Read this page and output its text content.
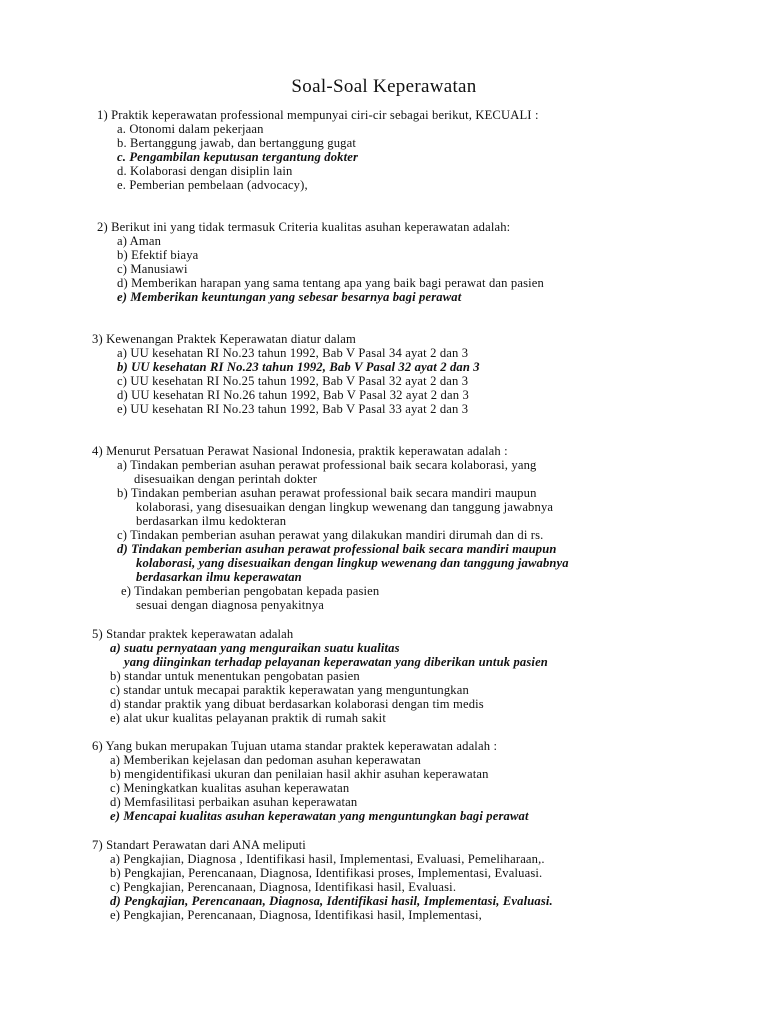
Soal-Soal Keperawatan
1) Praktik keperawatan professional mempunyai ciri-cir sebagai berikut, KECUALI :
a. Otonomi dalam pekerjaan
b. Bertanggung jawab, dan bertanggung gugat
c. Pengambilan keputusan tergantung dokter
d. Kolaborasi dengan disiplin lain
e. Pemberian pembelaan (advocacy),
2) Berikut ini yang tidak termasuk Criteria kualitas asuhan keperawatan adalah:
a) Aman
b) Efektif biaya
c) Manusiawi
d) Memberikan harapan yang sama tentang apa yang baik bagi perawat dan pasien
e) Memberikan keuntungan yang sebesar besarnya bagi perawat
3) Kewenangan Praktek Keperawatan diatur dalam
a) UU kesehatan RI No.23 tahun 1992, Bab V Pasal 34 ayat 2 dan 3
b) UU kesehatan RI No.23 tahun 1992, Bab V Pasal 32 ayat 2 dan 3
c) UU kesehatan RI No.25 tahun 1992, Bab V Pasal 32 ayat 2 dan 3
d) UU kesehatan RI No.26 tahun 1992, Bab V Pasal 32 ayat 2 dan 3
e) UU kesehatan RI No.23 tahun 1992, Bab V Pasal 33 ayat 2 dan 3
4) Menurut Persatuan Perawat Nasional Indonesia, praktik keperawatan adalah :
a) Tindakan pemberian asuhan perawat professional baik secara kolaborasi, yang
disesuaikan dengan perintah dokter
b) Tindakan pemberian asuhan perawat professional baik secara mandiri maupun
kolaborasi, yang disesuaikan dengan lingkup wewenang dan tanggung jawabnya
berdasarkan ilmu kedokteran
c) Tindakan pemberian asuhan perawat yang dilakukan mandiri dirumah dan di rs.
d) Tindakan pemberian asuhan perawat professional baik secara mandiri maupun
kolaborasi, yang disesuaikan dengan lingkup wewenang dan tanggung jawabnya
berdasarkan ilmu keperawatan
e) Tindakan pemberian pengobatan kepada pasien
sesuai dengan diagnosa penyakitnya
5) Standar praktek keperawatan adalah
a) suatu pernyataan yang menguraikan suatu kualitas
yang diinginkan terhadap pelayanan keperawatan yang diberikan untuk pasien
b) standar untuk menentukan pengobatan pasien
c) standar untuk mecapai paraktik keperawatan yang menguntungkan
d) standar praktik yang dibuat berdasarkan kolaborasi dengan tim medis
e) alat ukur kualitas pelayanan praktik di rumah sakit
6) Yang bukan merupakan Tujuan utama standar praktek keperawatan adalah :
a) Memberikan kejelasan dan pedoman asuhan keperawatan
b) mengidentifikasi ukuran dan penilaian hasil akhir asuhan keperawatan
c) Meningkatkan kualitas asuhan keperawatan
d) Memfasilitasi perbaikan asuhan keperawatan
e) Mencapai kualitas asuhan keperawatan yang menguntungkan bagi perawat
7) Standart Perawatan dari ANA meliputi
a) Pengkajian, Diagnosa , Identifikasi hasil, Implementasi, Evaluasi, Pemeliharaan,.
b) Pengkajian, Perencanaan, Diagnosa, Identifikasi proses, Implementasi, Evaluasi.
c) Pengkajian, Perencanaan, Diagnosa, Identifikasi hasil, Evaluasi.
d) Pengkajian, Perencanaan, Diagnosa, Identifikasi hasil, Implementasi, Evaluasi.
e) Pengkajian, Perencanaan, Diagnosa, Identifikasi hasil, Implementasi,
